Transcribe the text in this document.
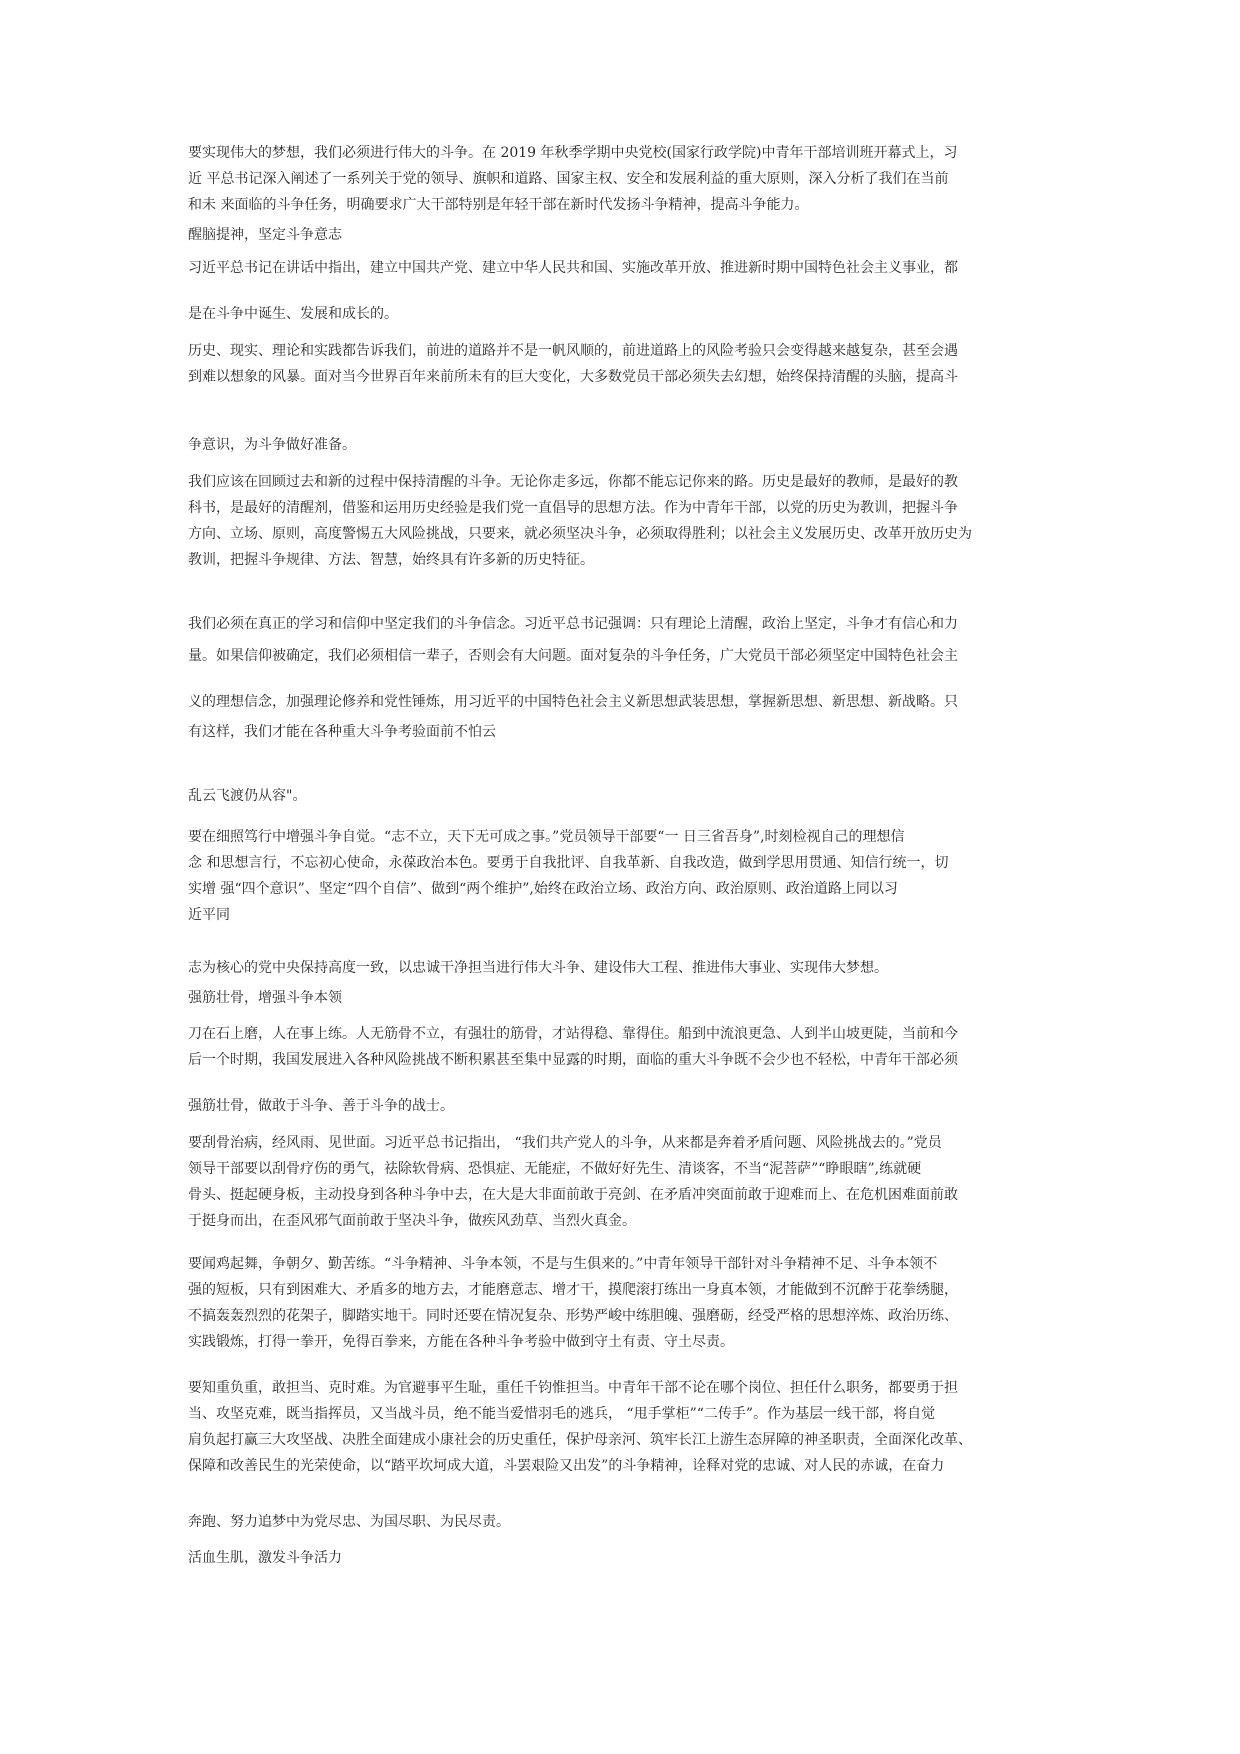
要实现伟大的梦想，我们必须进行伟大的斗争。在 2019 年秋季学期中央党校(国家行政学院)中青年干部培训班开幕式上，习
近 平总书记深入阐述了一系列关于党的领导、旗帜和道路、国家主权、安全和发展利益的重大原则，深入分析了我们在当前
和未 来面临的斗争任务，明确要求广大干部特别是年轻干部在新时代发扬斗争精神，提高斗争能力。
醒脑提神，坚定斗争意志
习近平总书记在讲话中指出，建立中国共产党、建立中华人民共和国、实施改革开放、推进新时期中国特色社会主义事业，都
是在斗争中诞生、发展和成长的。
历史、现实、理论和实践都告诉我们，前进的道路并不是一帆风顺的，前进道路上的风险考验只会变得越来越复杂，甚至会遇
到难以想象的风暴。面对当今世界百年来前所未有的巨大变化，大多数党员干部必须失去幻想，始终保持清醒的头脑，提高斗
争意识，为斗争做好准备。
我们应该在回顾过去和新的过程中保持清醒的斗争。无论你走多远，你都不能忘记你来的路。历史是最好的教师，是最好的教
科书，是最好的清醒剂，借鉴和运用历史经验是我们党一直倡导的思想方法。作为中青年干部，以党的历史为教训，把握斗争
方向、立场、原则，高度警惕五大风险挑战，只要来，就必须坚决斗争，必须取得胜利；以社会主义发展历史、改革开放历史为
教训，把握斗争规律、方法、智慧，始终具有许多新的历史特征。
我们必须在真正的学习和信仰中坚定我们的斗争信念。习近平总书记强调：只有理论上清醒，政治上坚定，斗争才有信心和力
量。如果信仰被确定，我们必须相信一辈子，否则会有大问题。面对复杂的斗争任务，广大党员干部必须坚定中国特色社会主
义的理想信念，加强理论修养和党性锤炼，用习近平的中国特色社会主义新思想武装思想，掌握新思想、新思想、新战略。只
有这样，我们才能在各种重大斗争考验面前不怕云
乱云飞渡仍从容"。
要在细照笃行中增强斗争自觉。“志不立，天下无可成之事。”党员领导干部要“一 日三省吾身”,时刻检视自己的理想信
念 和思想言行，不忘初心使命，永葆政治本色。要勇于自我批评、自我革新、自我改造，做到学思用贯通、知信行统一，切
实增 强“四个意识”、坚定“四个自信”、做到“两个维护”,始终在政治立场、政治方向、政治原则、政治道路上同以习
近平同
志为核心的党中央保持高度一致，以忠诚干净担当进行伟大斗争、建设伟大工程、推进伟大事业、实现伟大梦想。
强筋壮骨，增强斗争本领
刀在石上磨，人在事上练。人无筋骨不立，有强壮的筋骨，才站得稳、靠得住。船到中流浪更急、人到半山坡更陡，当前和今
后一个时期，我国发展进入各种风险挑战不断积累甚至集中显露的时期，面临的重大斗争既不会少也不轻松，中青年干部必须
强筋壮骨，做敢于斗争、善于斗争的战士。
要刮骨治病，经风雨、见世面。习近平总书记指出， “我们共产党人的斗争，从来都是奔着矛盾问题、风险挑战去的。”党员
领导干部要以刮骨疗伤的勇气，祛除软骨病、恐惧症、无能症，不做好好先生、清谈客，不当“泥菩萨”“睁眼瞎”,练就硬
骨头、挺起硬身板，主动投身到各种斗争中去，在大是大非面前敢于亮剑、在矛盾冲突面前敢于迎难而上、在危机困难面前敢
于挺身而出，在歪风邪气面前敢于坚决斗争，做疾风劲草、当烈火真金。
要闻鸡起舞，争朝夕、勤苦练。“斗争精神、斗争本领，不是与生俱来的。”中青年领导干部针对斗争精神不足、斗争本领不
强的短板，只有到困难大、矛盾多的地方去，才能磨意志、增才干，摸爬滚打练出一身真本领，才能做到不沉醉于花拳绣腿，
不搞轰轰烈烈的花架子，脚踏实地干。同时还要在情况复杂、形势严峻中练胆魄、强磨砺，经受严格的思想淬炼、政治历练、
实践锻炼，打得一拳开，免得百拳来，方能在各种斗争考验中做到守土有责、守土尽责。
要知重负重，敢担当、克时难。为官避事平生耻，重任千钧惟担当。中青年干部不论在哪个岗位、担任什么职务，都要勇于担
当、攻坚克难，既当指挥员，又当战斗员，绝不能当爱惜羽毛的逃兵， “甩手掌柜”“二传手”。作为基层一线干部，将自觉
肩负起打赢三大攻坚战、决胜全面建成小康社会的历史重任，保护母亲河、筑牢长江上游生态屏障的神圣职责，全面深化改革、
保障和改善民生的光荣使命，以“踏平坎坷成大道，斗罢艰险又出发”的斗争精神，诠释对党的忠诚、对人民的赤诚，在奋力
奔跑、努力追梦中为党尽忠、为国尽职、为民尽责。
活血生肌，激发斗争活力
